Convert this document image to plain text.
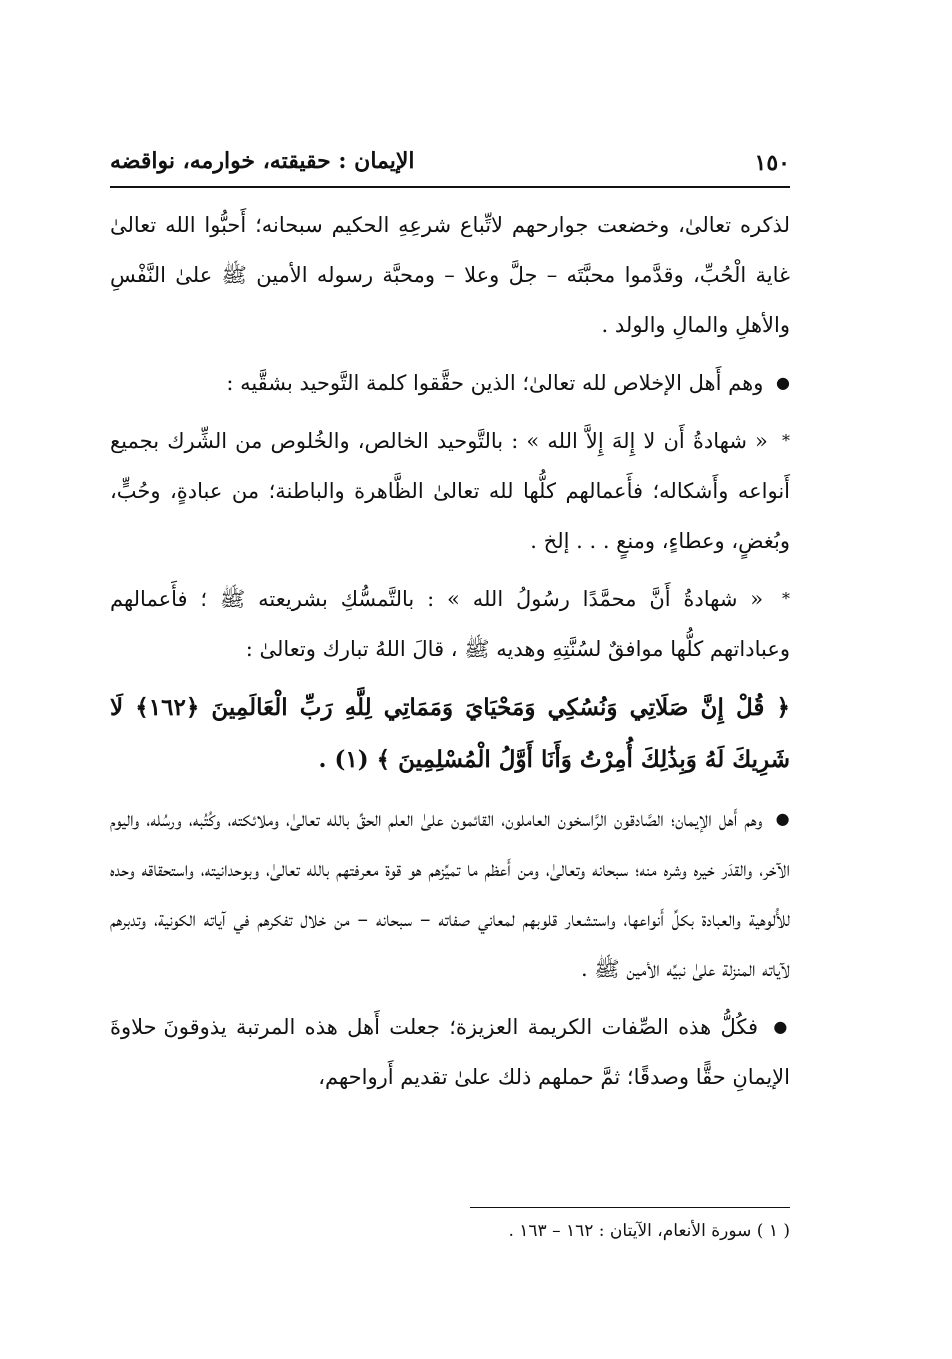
١٥٠
الإيمان : حقيقته، خوارمه، نواقضه

لذكره تعالىٰ، وخضعت جوارحهم لاتِّباع شرعِهِ الحكيم سبحانه؛ أَحبُّوا الله تعالىٰ غاية الْحُبِّ، وقدَّموا محبَّتَه – جلَّ وعلا – ومحبَّة رسوله الأمين ﷺ علىٰ النَّفْسِ والأهلِ والمالِ والولد .

● وهم أَهل الإخلاص لله تعالىٰ؛ الذين حقَّقوا كلمة التَّوحيد بشقَّيه :

* « شهادةُ أَن لا إِلهَ إِلاَّ الله » : بالتَّوحيد الخالص، والخُلوص من الشِّرك بجميع أَنواعه وأَشكاله؛ فأَعمالهم كلُّها لله تعالىٰ الظَّاهرة والباطنة؛ من عبادةٍ، وحُبٍّ، وبُغضٍ، وعطاءٍ، ومنعٍ . . . إلخ .

* « شهادةُ أَنَّ محمَّدًا رسُولُ الله » : بالتَّمسُّكِ بشريعته ﷺ ؛ فأَعمالهم وعباداتهم كلُّها موافقٌ لسُنَّتِهِ وهديه ﷺ ، قالَ اللهُ تبارك وتعالىٰ :

﴿ قُلْ إِنَّ صَلَاتِي وَنُسُكِي وَمَحْيَايَ وَمَمَاتِي لِلَّهِ رَبِّ الْعَالَمِينَ ﴿١٦٢﴾ لَا شَرِيكَ لَهُ وَبِذَٰلِكَ أُمِرْتُ وَأَنَا أَوَّلُ الْمُسْلِمِينَ ﴾ (١) .

● وهم أَهل الإيمان؛ الصَّادقون الرَّاسخون العاملون، القائمون علىٰ العلم الحقِّ بالله تعالىٰ، وملائكته، وكُتُبه، ورسُله، واليوم الآخر، والقدَر خيره وشره منه؛ سبحانه وتعالىٰ، ومن أَعظم ما تميِّزهم هو قوة معرفتهم بالله تعالىٰ، وبوحدانيته، واستحقاقه وحده للأُلوهية والعبادة بكلِّ أَنواعها، واستشعار قلوبهم لمعاني صفاته – سبحانه – من خلال تفكرهم في آياته الكونية، وتدبرهم لآياته المنزلة علىٰ نبيِّه الأمين ﷺ .

● فكُلُّ هذه الصِّفات الكريمة العزيزة؛ جعلت أَهل هذه المرتبة يذوقونَ حلاوةَ الإيمانِ حقًّا وصدقًا؛ ثمَّ حملهم ذلك علىٰ تقديم أَرواحهم،

( ١ ) سورة الأنعام، الآيتان : ١٦٢ – ١٦٣ .
